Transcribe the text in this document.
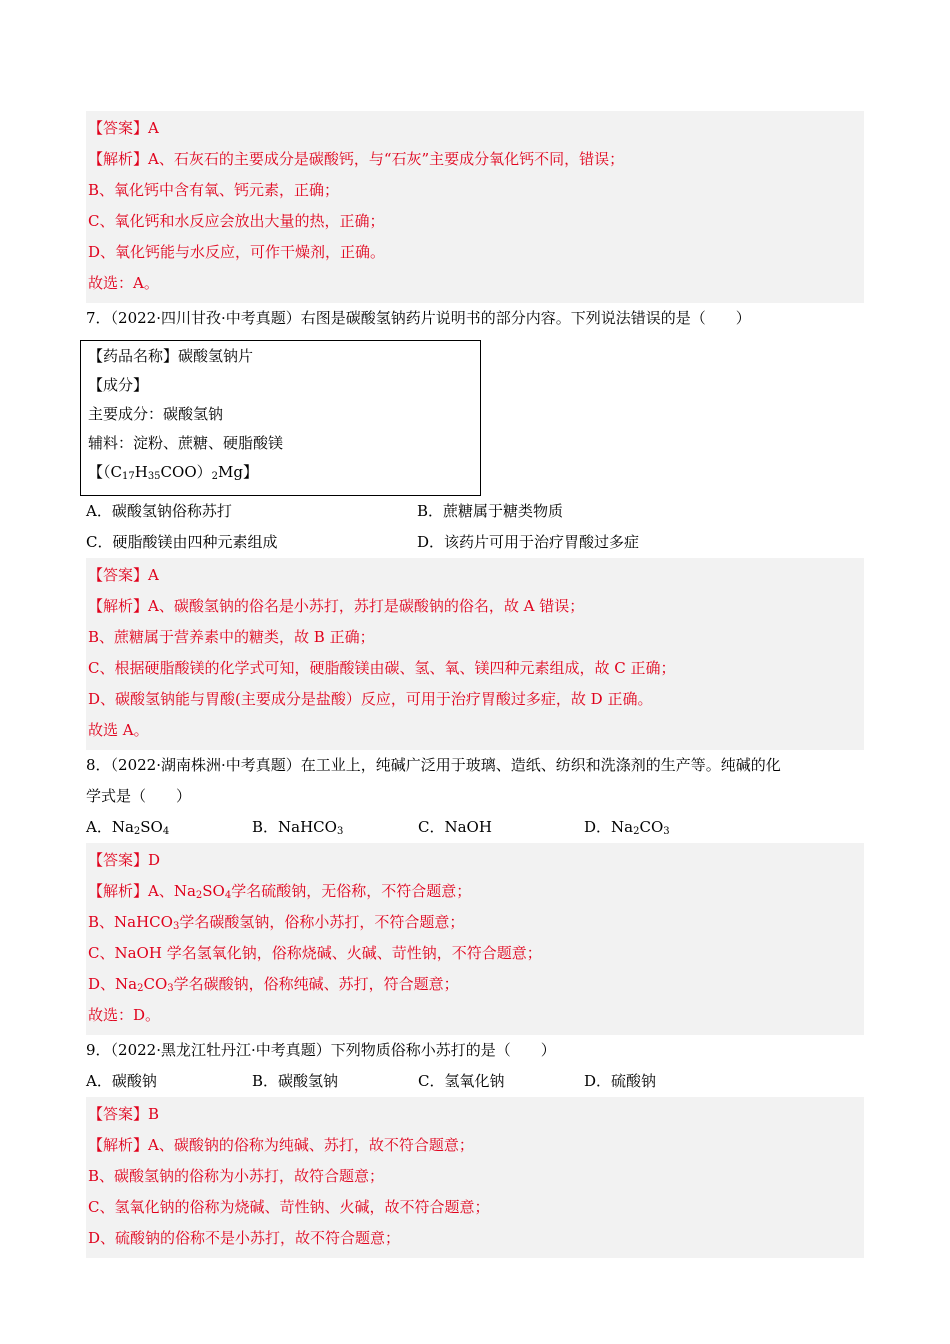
【答案】A
【解析】A、石灰石的主要成分是碳酸钙，与“石灰”主要成分氧化钙不同，错误；
B、氧化钙中含有氧、钙元素，正确；
C、氧化钙和水反应会放出大量的热，正确；
D、氧化钙能与水反应，可作干燥剂，正确。
故选：A。
7．（2022·四川甘孜·中考真题）右图是碳酸氢钠药片说明书的部分内容。下列说法错误的是（　　）
【药品名称】碳酸氢钠片
【成分】
主要成分：碳酸氢钠
辅料：淀粉、蔗糖、硬脂酸镁
【$(C_{17}H_{35}COO)_2Mg$】
A．碳酸氢钠俗称苏打	B．蔗糖属于糖类物质
C．硬脂酸镁由四种元素组成	D．该药片可用于治疗胃酸过多症
【答案】A
【解析】A、碳酸氢钠的俗名是小苏打，苏打是碳酸钠的俗名，故 A 错误；
B、蔗糖属于营养素中的糖类，故 B 正确；
C、根据硬脂酸镁的化学式可知，硬脂酸镁由碳、氢、氧、镁四种元素组成，故 C 正确；
D、碳酸氢钠能与胃酸(主要成分是盐酸）反应，可用于治疗胃酸过多症，故 D 正确。
故选 A。
8．（2022·湖南株洲·中考真题）在工业上，纯碱广泛用于玻璃、造纸、纺织和洗涤剂的生产等。纯碱的化
学式是（　　）
A．$Na_2SO_4$	B．NaHCO$_3$	C．NaOH	D．$Na_2CO_3$
【答案】D
【解析】A、$Na_2SO_4$学名硫酸钠，无俗称，不符合题意；
B、NaHCO$_3$学名碳酸氢钠，俗称小苏打，不符合题意；
C、NaOH 学名氢氧化钠，俗称烧碱、火碱、苛性钠，不符合题意；
D、$Na_2CO_3$学名碳酸钠，俗称纯碱、苏打，符合题意；
故选：D。
9．（2022·黑龙江牡丹江·中考真题）下列物质俗称小苏打的是（　　）
A．碳酸钠	B．碳酸氢钠	C．氢氧化钠	D．硫酸钠
【答案】B
【解析】A、碳酸钠的俗称为纯碱、苏打，故不符合题意；
B、碳酸氢钠的俗称为小苏打，故符合题意；
C、氢氧化钠的俗称为烧碱、苛性钠、火碱，故不符合题意；
D、硫酸钠的俗称不是小苏打，故不符合题意；
